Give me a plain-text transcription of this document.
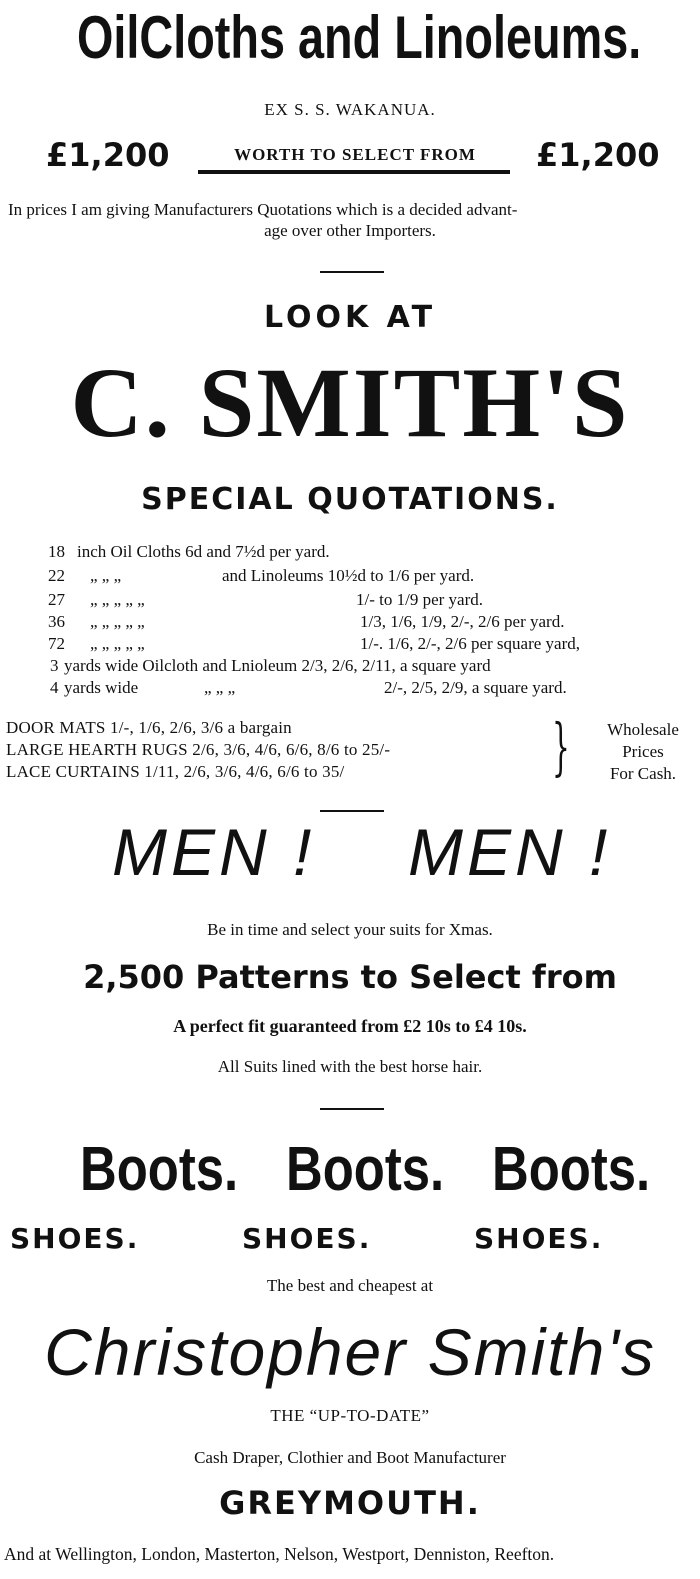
OilCloths and Linoleums.
EX S. S. WAKANUA.
£1,200	WORTH TO SELECT FROM	£1,200
In prices I am giving Manufacturers Quotations which is a decided advant-
age over other Importers.
LOOK AT
C. SMITH'S
SPECIAL QUOTATIONS.
18 inch Oil Cloths 6d and 7½d per yard.
22 „ „ „	and Linoleums 10½d to 1/6 per yard.
27 „ „ „ „ „	1/- to 1/9 per yard.
36 „ „ „ „ „	1/3, 1/6, 1/9, 2/-, 2/6 per yard.
72 „ „ „ „ „	1/-. 1/6, 2/-, 2/6 per square yard,
3 yards wide Oilcloth and Lnioleum 2/3, 2/6, 2/11, a square yard
4 yards wide	„ „ „	2/-, 2/5, 2/9, a square yard.
DOOR MATS 1/-, 1/6, 2/6, 3/6 a bargain
LARGE HEARTH RUGS 2/6, 3/6, 4/6, 6/6, 8/6 to 25/-
LACE CURTAINS 1/11, 2/6, 3/6, 4/6, 6/6 to 35/	}	Wholesale
Prices
For Cash.
MEN ! MEN !
Be in time and select your suits for Xmas.
2,500 Patterns to Select from
A perfect fit guaranteed from £2 10s to £4 10s.
All Suits lined with the best horse hair.
Boots. Boots. Boots.
SHOES.	SHOES.	SHOES.
The best and cheapest at
Christopher Smith's
THE “UP-TO-DATE”
Cash Draper, Clothier and Boot Manufacturer
GREYMOUTH.
And at Wellington, London, Masterton, Nelson, Westport, Denniston, Reefton.
